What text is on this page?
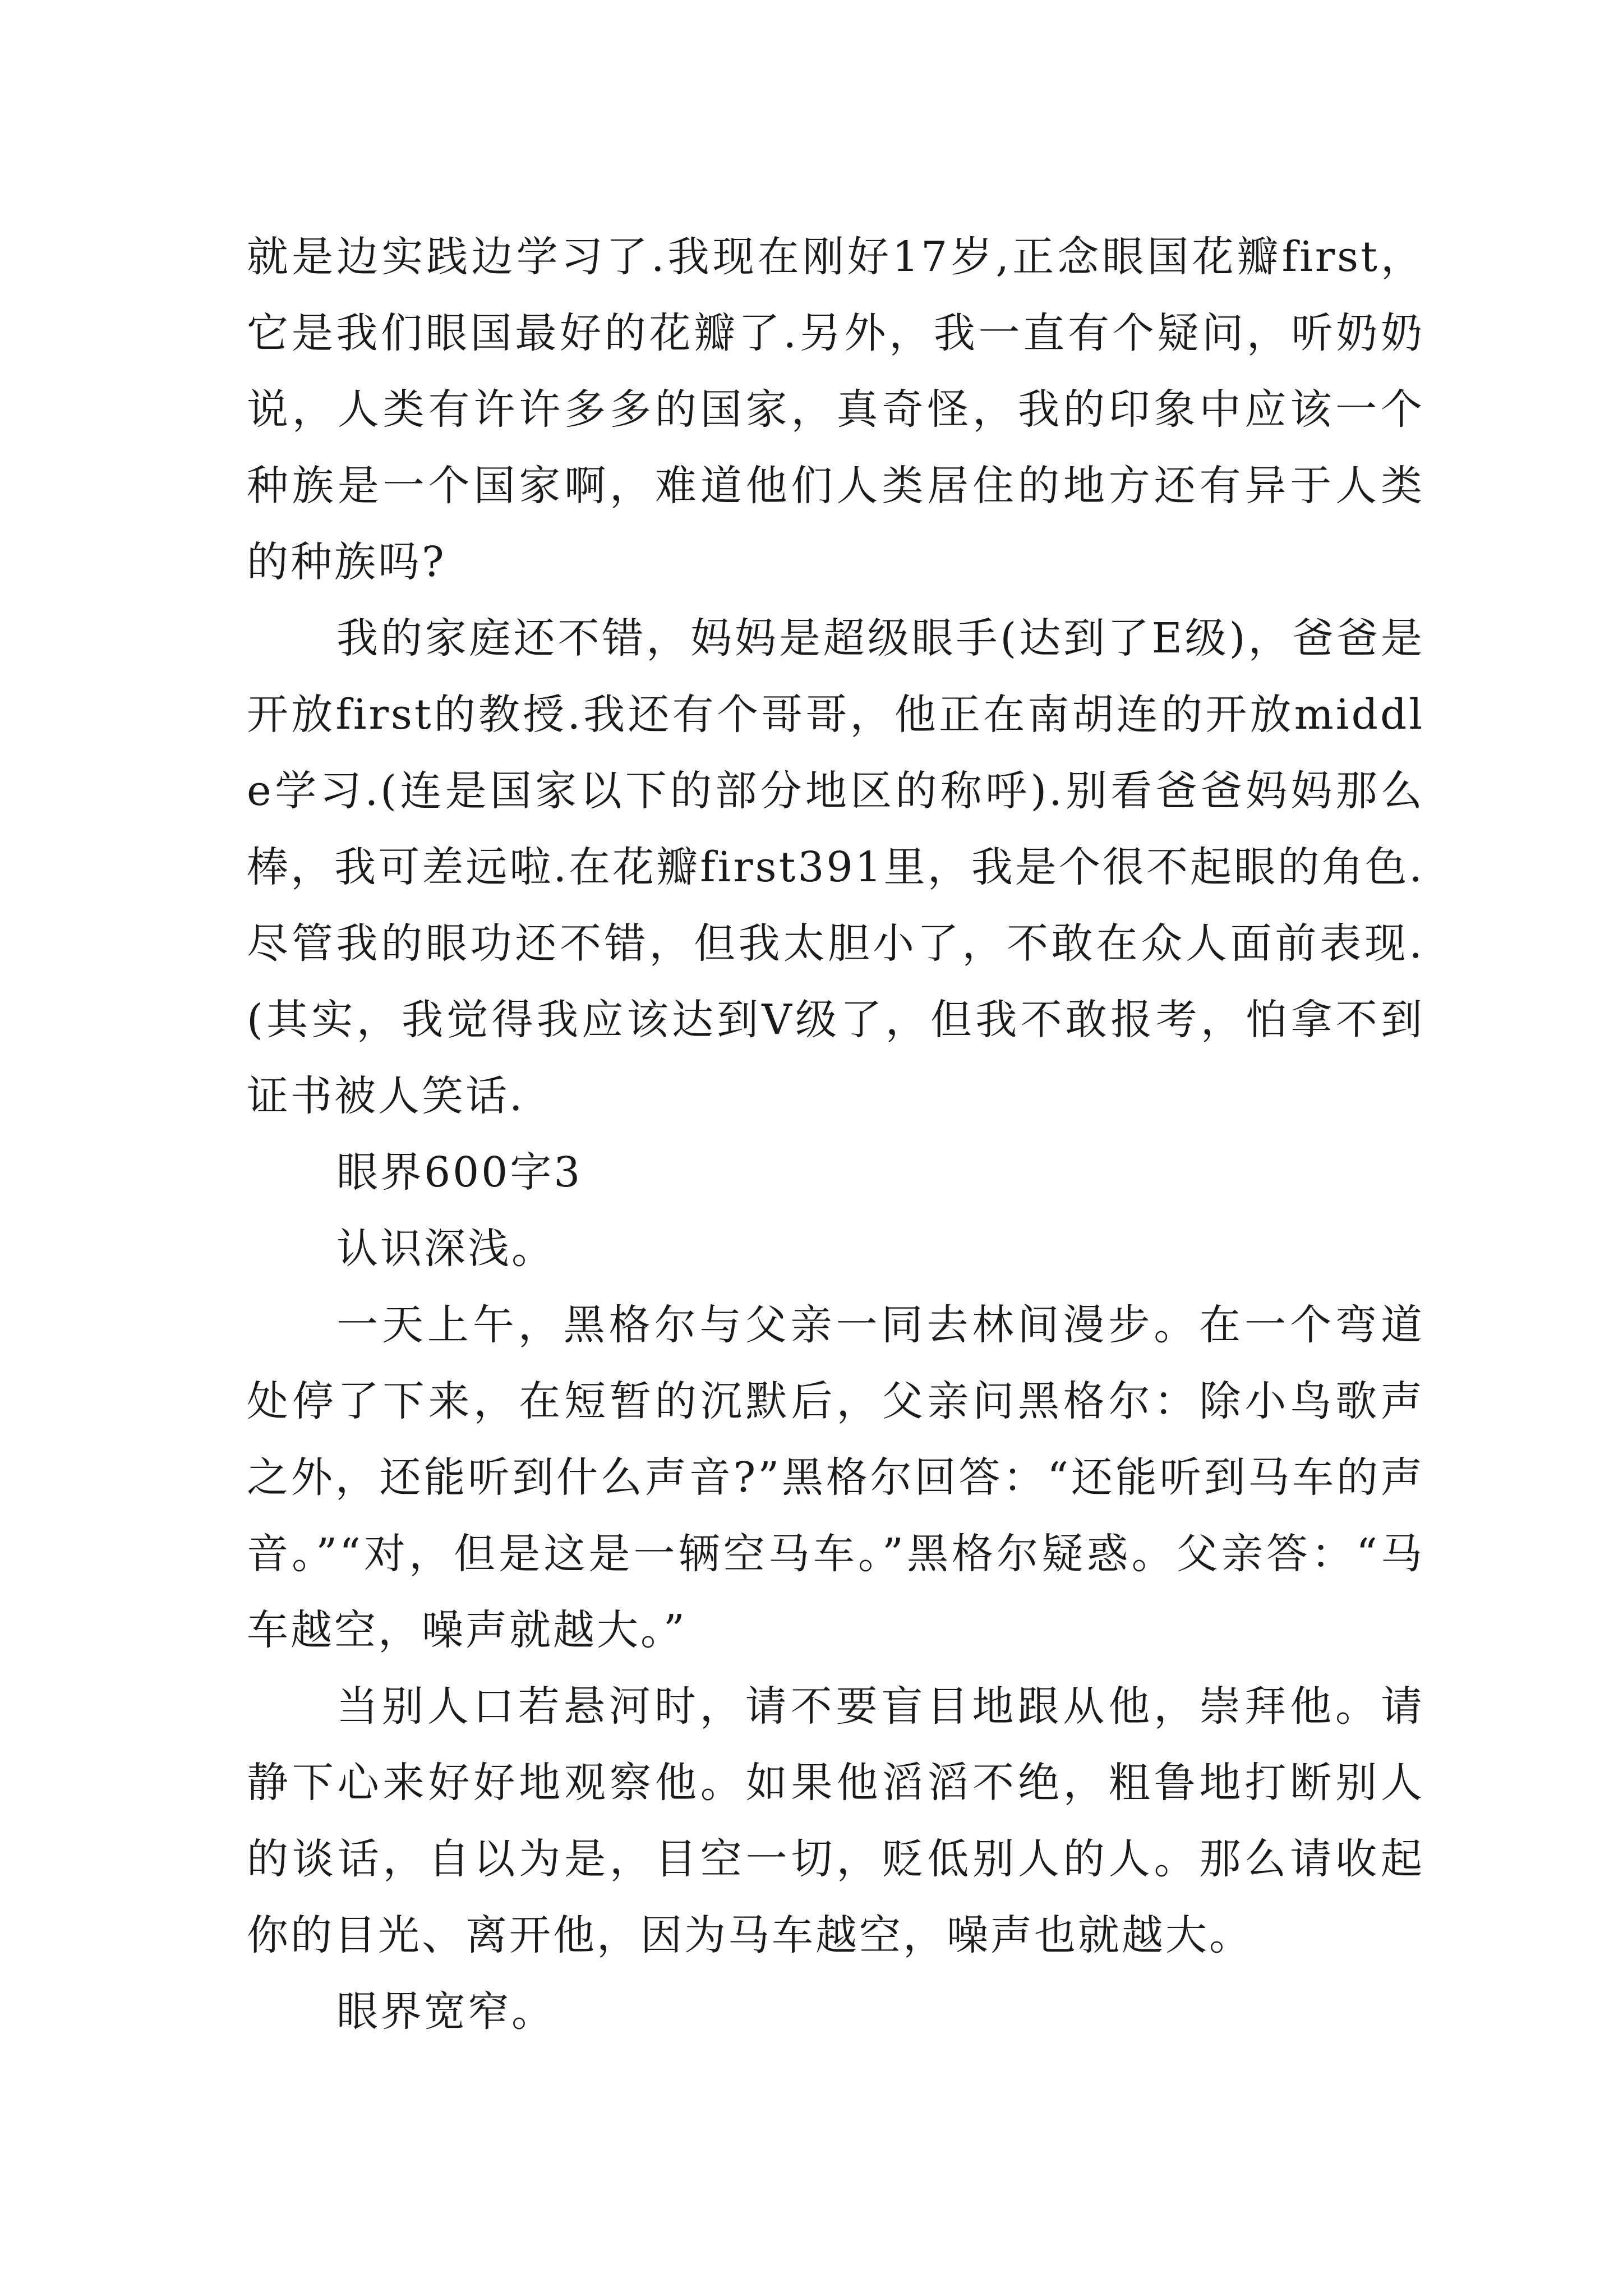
就是边实践边学习了.我现在刚好17岁,正念眼国花瓣first，它是我们眼国最好的花瓣了.另外，我一直有个疑问，听奶奶说，人类有许许多多的国家，真奇怪，我的印象中应该一个种族是一个国家啊，难道他们人类居住的地方还有异于人类的种族吗?

我的家庭还不错，妈妈是超级眼手(达到了E级)，爸爸是开放first的教授.我还有个哥哥，他正在南胡连的开放middle学习.(连是国家以下的部分地区的称呼).别看爸爸妈妈那么棒，我可差远啦.在花瓣first391里，我是个很不起眼的角色.尽管我的眼功还不错，但我太胆小了，不敢在众人面前表现.(其实，我觉得我应该达到V级了，但我不敢报考，怕拿不到证书被人笑话.

眼界600字3

认识深浅。

一天上午，黑格尔与父亲一同去林间漫步。在一个弯道处停了下来，在短暂的沉默后，父亲问黑格尔：除小鸟歌声之外，还能听到什么声音?”黑格尔回答：“还能听到马车的声音。”“对，但是这是一辆空马车。”黑格尔疑惑。父亲答：“马车越空，噪声就越大。”

当别人口若悬河时，请不要盲目地跟从他，崇拜他。请静下心来好好地观察他。如果他滔滔不绝，粗鲁地打断别人的谈话，自以为是，目空一切，贬低别人的人。那么请收起你的目光、离开他，因为马车越空，噪声也就越大。

眼界宽窄。
